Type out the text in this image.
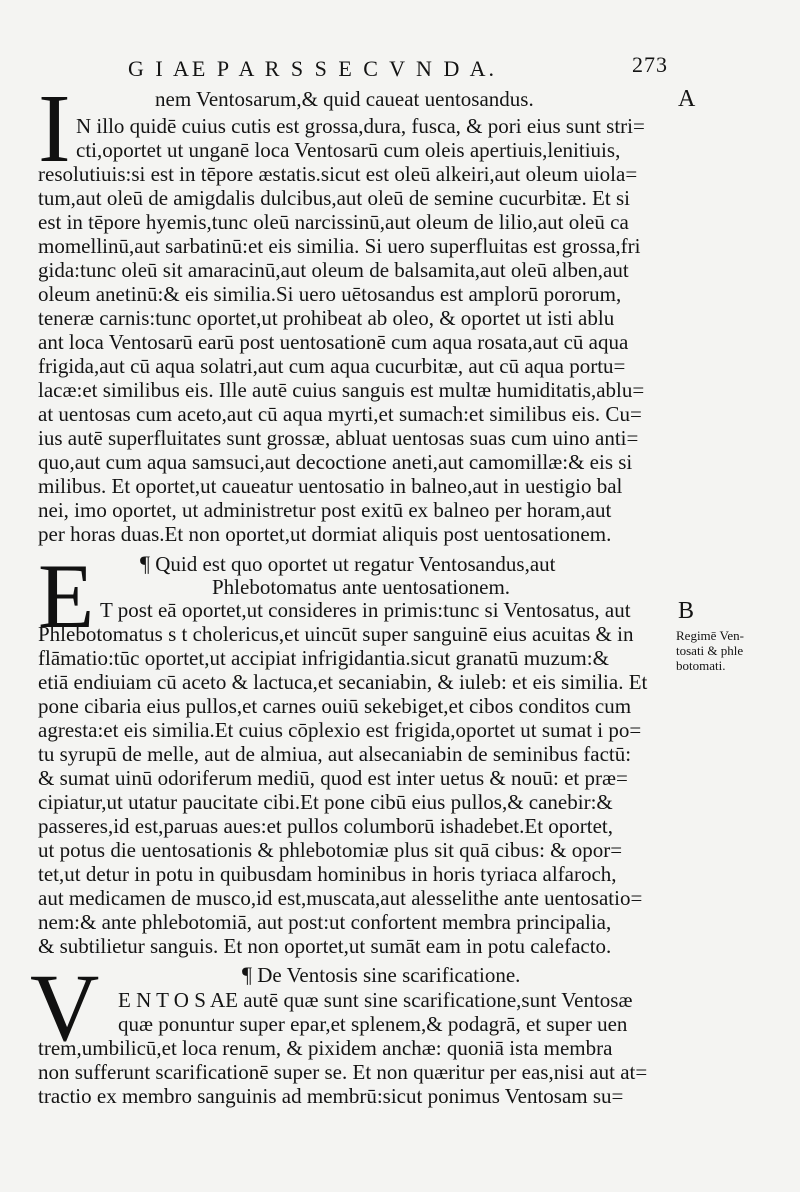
G I AE P A R S S E C V N D A.	273
A
B
Regimē Ven-
tosati & phle
botomati.
I	nem Ventosarum,& quid caueat uentosandus.
N illo quidē cuius cutis est grossa,dura, fusca, & pori eius sunt stri=
cti,oportet ut unganē loca Ventosarū cum oleis apertiuis,lenitiuis,
resolutiuis:si est in tēpore æstatis.sicut est oleū alkeiri,aut oleum uiola=
tum,aut oleū de amigdalis dulcibus,aut oleū de semine cucurbitæ. Et si
est in tēpore hyemis,tunc oleū narcissinū,aut oleum de lilio,aut oleū ca
momellinū,aut sarbatinū:et eis similia. Si uero superfluitas est grossa,fri
gida:tunc oleū sit amaracinū,aut oleum de balsamita,aut oleū alben,aut
oleum anetinū:& eis similia.Si uero uētosandus est amplorū pororum,
teneræ carnis:tunc oportet,ut prohibeat ab oleo, & oportet ut isti ablu
ant loca Ventosarū earū post uentosationē cum aqua rosata,aut cū aqua
frigida,aut cū aqua solatri,aut cum aqua cucurbitæ, aut cū aqua portu=
lacæ:et similibus eis. Ille autē cuius sanguis est multæ humiditatis,ablu=
at uentosas cum aceto,aut cū aqua myrti,et sumach:et similibus eis. Cu=
ius autē superfluitates sunt grossæ, abluat uentosas suas cum uino anti=
quo,aut cum aqua samsuci,aut decoctione aneti,aut camomillæ:& eis si
milibus. Et oportet,ut caueatur uentosatio in balneo,aut in uestigio bal
nei, imo oportet, ut administretur post exitū ex balneo per horam,aut
per horas duas.Et non oportet,ut dormiat aliquis post uentosationem.
¶ Quid est quo oportet ut regatur Ventosandus,aut
Phlebotomatus ante uentosationem.
E T post eā oportet,ut consideres in primis:tunc si Ventosatus, aut
Phlebotomatus s t cholericus,et uincūt super sanguinē eius acuitas & in
flāmatio:tūc oportet,ut accipiat infrigidantia.sicut granatū muzum:&
etiā endiuiam cū aceto & lactuca,et secaniabin, & iuleb: et eis similia. Et
pone cibaria eius pullos,et carnes ouiū sekebiget,et cibos conditos cum
agresta:et eis similia.Et cuius cōplexio est frigida,oportet ut sumat i po=
tu syrupū de melle, aut de almiua, aut alsecaniabin de seminibus factū:
& sumat uinū odoriferum mediū, quod est inter uetus & nouū: et præ=
cipiatur,ut utatur paucitate cibi.Et pone cibū eius pullos,& canebir:&
passeres,id est,paruas aues:et pullos columborū ishadebet.Et oportet,
ut potus die uentosationis & phlebotomiæ plus sit quā cibus: & opor=
tet,ut detur in potu in quibusdam hominibus in horis tyriaca alfaroch,
aut medicamen de musco,id est,muscata,aut alesselithe ante uentosatio=
nem:& ante phlebotomiā, aut post:ut confortent membra principalia,
& subtilietur sanguis. Et non oportet,ut sumāt eam in potu calefacto.
¶ De Ventosis sine scarificatione.
V E N T O S AE autē quæ sunt sine scarificatione,sunt Ventosæ
quæ ponuntur super epar,et splenem,& podagrā, et super uen
trem,umbilicū,et loca renum, & pixidem anchæ: quoniā ista membra
non sufferunt scarificationē super se. Et non quæritur per eas,nisi aut at=
tractio ex membro sanguinis ad membrū:sicut ponimus Ventosam su=
